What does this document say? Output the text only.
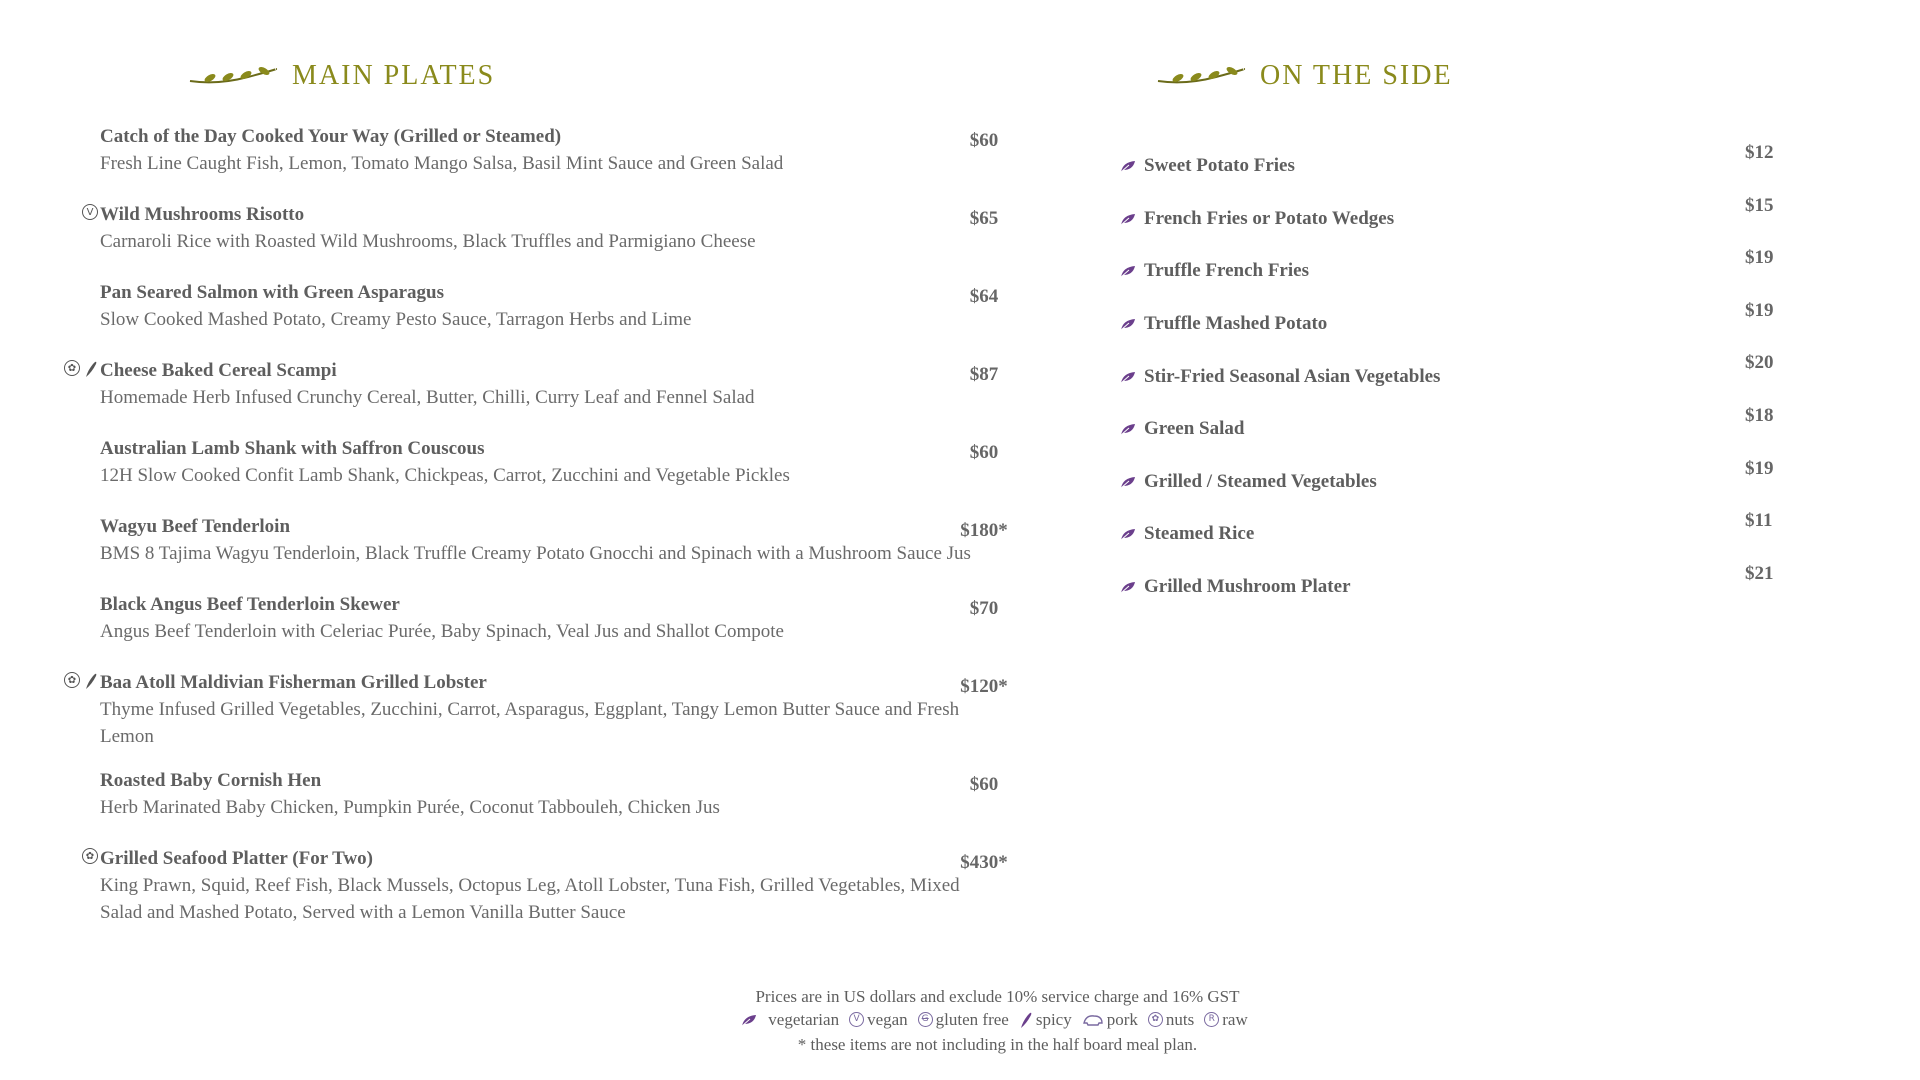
MAIN PLATES	ON THE SIDE
Catch of the Day Cooked Your Way (Grilled or Steamed)
Fresh Line Caught Fish, Lemon, Tomato Mango Salsa, Basil Mint Sauce and Green Salad
$60
V Wild Mushrooms Risotto
Carnaroli Rice with Roasted Wild Mushrooms, Black Truffles and Parmigiano Cheese
$65
Pan Seared Salmon with Green Asparagus
Slow Cooked Mashed Potato, Creamy Pesto Sauce, Tarragon Herbs and Lime
$64
✿ Cheese Baked Cereal Scampi
Homemade Herb Infused Crunchy Cereal, Butter, Chilli, Curry Leaf and Fennel Salad
$87
Australian Lamb Shank with Saffron Couscous
12H Slow Cooked Confit Lamb Shank, Chickpeas, Carrot, Zucchini and Vegetable Pickles
$60
Wagyu Beef Tenderloin
BMS 8 Tajima Wagyu Tenderloin, Black Truffle Creamy Potato Gnocchi and Spinach with a Mushroom Sauce Jus
$180*
Black Angus Beef Tenderloin Skewer
Angus Beef Tenderloin with Celeriac Purée, Baby Spinach, Veal Jus and Shallot Compote
$70
✿ Baa Atoll Maldivian Fisherman Grilled Lobster
Thyme Infused Grilled Vegetables, Zucchini, Carrot, Asparagus, Eggplant, Tangy Lemon Butter Sauce and Fresh Lemon
$120*
Roasted Baby Cornish Hen
Herb Marinated Baby Chicken, Pumpkin Purée, Coconut Tabbouleh, Chicken Jus
$60
✿ Grilled Seafood Platter (For Two)
King Prawn, Squid, Reef Fish, Black Mussels, Octopus Leg, Atoll Lobster, Tuna Fish, Grilled Vegetables, Mixed Salad and Mashed Potato, Served with a Lemon Vanilla Butter Sauce
$430*
Sweet Potato Fries
$12
French Fries or Potato Wedges
$15
Truffle French Fries
$19
Truffle Mashed Potato
$19
Stir-Fried Seasonal Asian Vegetables
$20
Green Salad
$18
Grilled / Steamed Vegetables
$19
Steamed Rice
$11
Grilled Mushroom Plater
$21
Prices are in US dollars and exclude 10% service charge and 16% GST
vegetarian	V vegan	G gluten free spicy pork	✿ nuts	R raw
* these items are not including in the half board meal plan.
